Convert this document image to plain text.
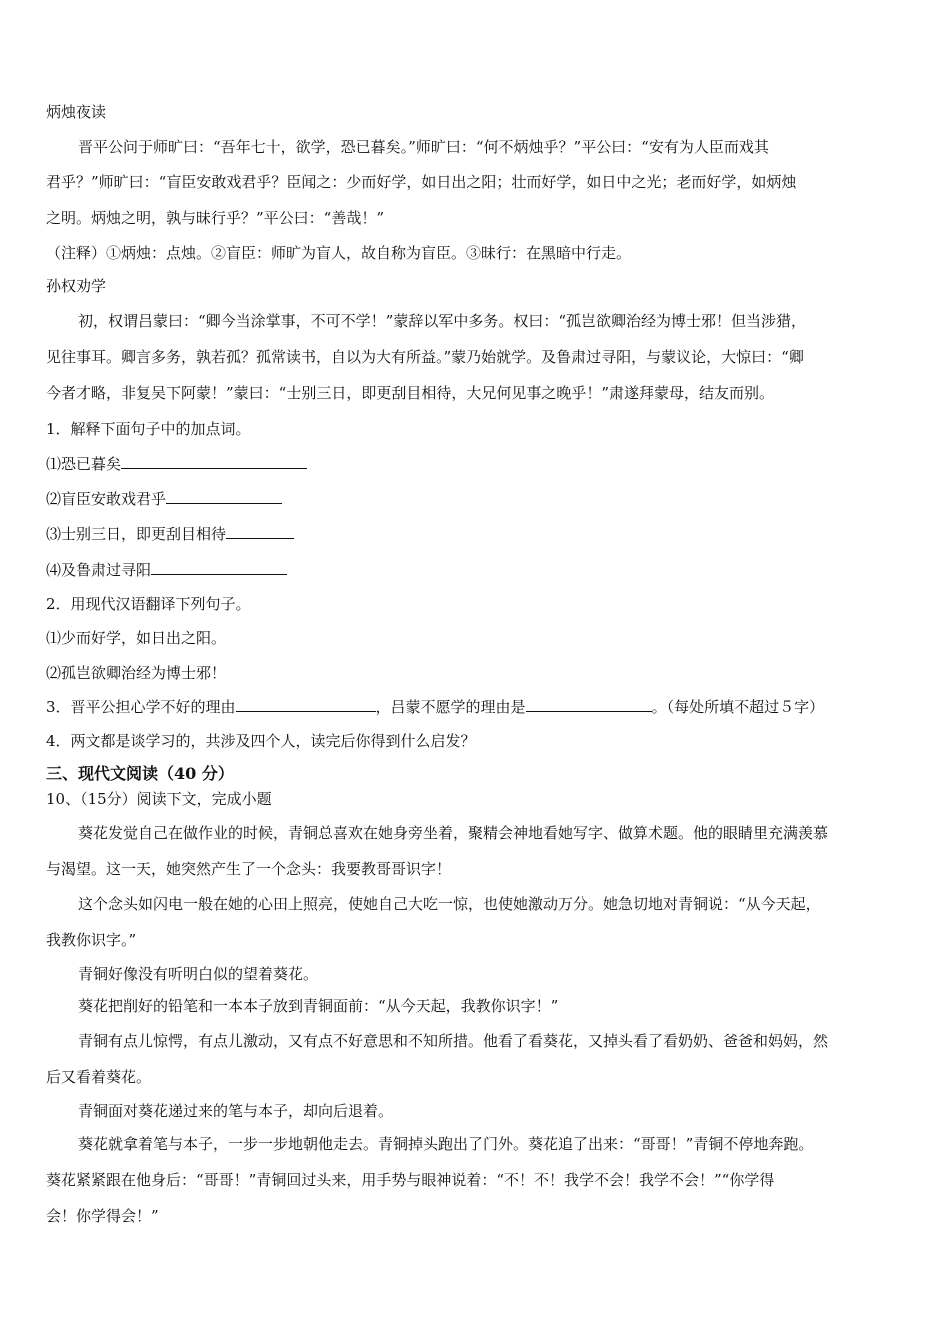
炳烛夜读
晋平公问于师旷曰：“吾年七十，欲学，恐已暮矣。”师旷曰：“何不炳烛乎？”平公曰：“安有为人臣而戏其
君乎？”师旷曰：“盲臣安敢戏君乎？臣闻之：少而好学，如日出之阳；壮而好学，如日中之光；老而好学，如炳烛
之明。炳烛之明，孰与昧行乎？”平公曰：“善哉！”
（注释）①炳烛：点烛。②盲臣：师旷为盲人，故自称为盲臣。③昧行：在黑暗中行走。
孙权劝学
初，权谓吕蒙曰：“卿今当涂掌事，不可不学！”蒙辞以军中多务。权曰：“孤岂欲卿治经为博士邪！但当涉猎，
见往事耳。卿言多务，孰若孤？孤常读书，自以为大有所益。”蒙乃始就学。及鲁肃过寻阳，与蒙议论，大惊曰：“卿
今者才略，非复吴下阿蒙！”蒙曰：“士别三日，即更刮目相待，大兄何见事之晚乎！”肃遂拜蒙母，结友而别。
1．解释下面句子中的加点词。
⑴恐已暮矣
⑵盲臣安敢戏君乎
⑶士别三日，即更刮目相待
⑷及鲁肃过寻阳
2．用现代汉语翻译下列句子。
⑴少而好学，如日出之阳。
⑵孤岂欲卿治经为博士邪！
3．晋平公担心学不好的理由	，吕蒙不愿学的理由是	。（每处所填不超过５字）
4．两文都是谈学习的，共涉及四个人，读完后你得到什么启发？
三、现代文阅读（40 分）
10、（15分）阅读下文，完成小题
葵花发觉自己在做作业的时候，青铜总喜欢在她身旁坐着，聚精会神地看她写字、做算术题。他的眼睛里充满羡慕
与渴望。这一天，她突然产生了一个念头：我要教哥哥识字！
这个念头如闪电一般在她的心田上照亮，使她自己大吃一惊，也使她激动万分。她急切地对青铜说：“从今天起，
我教你识字。”
青铜好像没有听明白似的望着葵花。
葵花把削好的铅笔和一本本子放到青铜面前：“从今天起，我教你识字！”
青铜有点儿惊愕，有点儿激动，又有点不好意思和不知所措。他看了看葵花，又掉头看了看奶奶、爸爸和妈妈，然
后又看着葵花。
青铜面对葵花递过来的笔与本子，却向后退着。
葵花就拿着笔与本子，一步一步地朝他走去。青铜掉头跑出了门外。葵花追了出来：“哥哥！”青铜不停地奔跑。
葵花紧紧跟在他身后：“哥哥！”青铜回过头来，用手势与眼神说着：“不！不！我学不会！我学不会！”“你学得
会！你学得会！”
